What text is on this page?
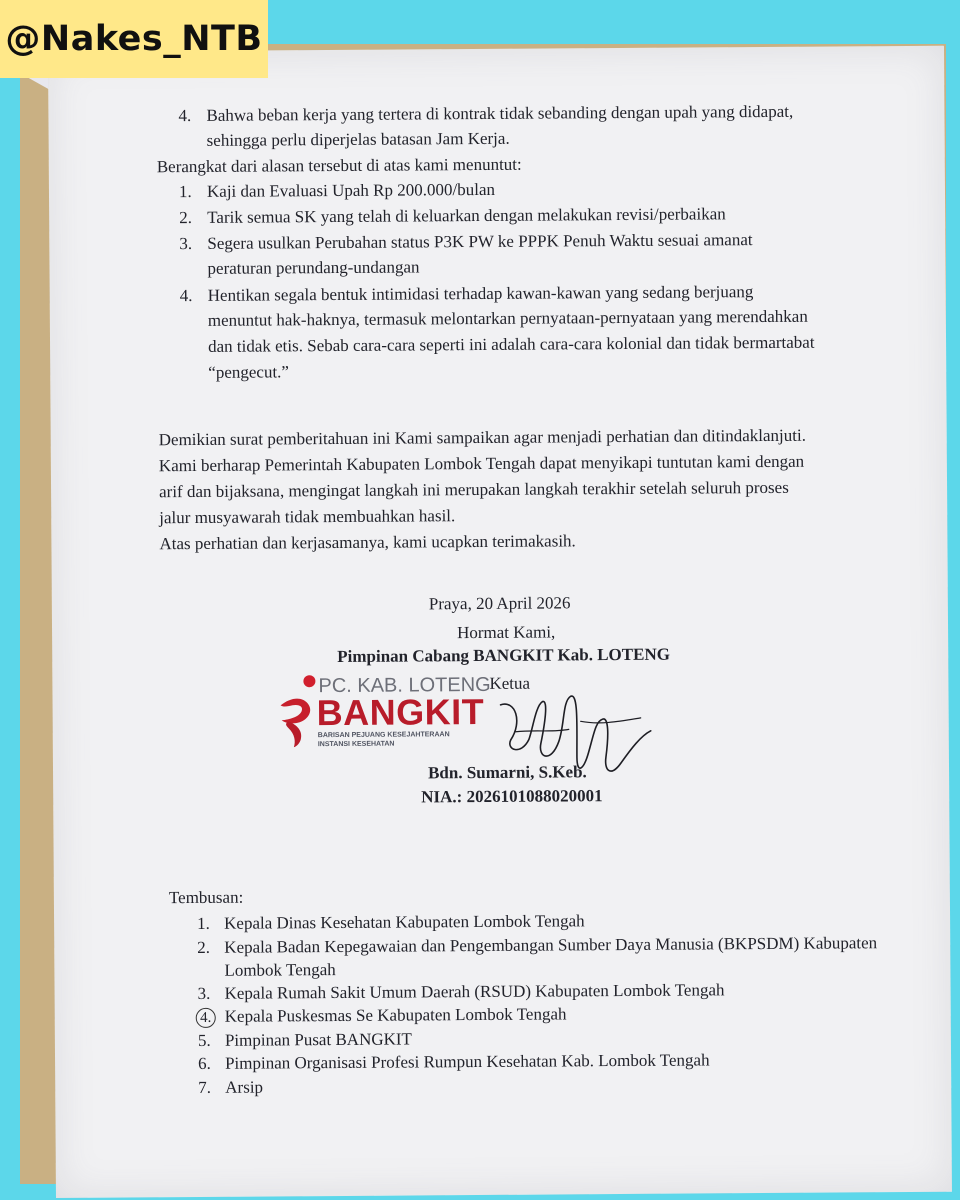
@Nakes_NTB
4. Bahwa beban kerja yang tertera di kontrak tidak sebanding dengan upah yang didapat,
sehingga perlu diperjelas batasan Jam Kerja.
Berangkat dari alasan tersebut di atas kami menuntut:
1. Kaji dan Evaluasi Upah Rp 200.000/bulan
2. Tarik semua SK yang telah di keluarkan dengan melakukan revisi/perbaikan
3. Segera usulkan Perubahan status P3K PW ke PPPK Penuh Waktu sesuai amanat
peraturan perundang-undangan
4. Hentikan segala bentuk intimidasi terhadap kawan-kawan yang sedang berjuang
menuntut hak-haknya, termasuk melontarkan pernyataan-pernyataan yang merendahkan
dan tidak etis. Sebab cara-cara seperti ini adalah cara-cara kolonial dan tidak bermartabat
“pengecut.”
Demikian surat pemberitahuan ini Kami sampaikan agar menjadi perhatian dan ditindaklanjuti.
Kami berharap Pemerintah Kabupaten Lombok Tengah dapat menyikapi tuntutan kami dengan
arif dan bijaksana, mengingat langkah ini merupakan langkah terakhir setelah seluruh proses
jalur musyawarah tidak membuahkan hasil.
Atas perhatian dan kerjasamanya, kami ucapkan terimakasih.
Praya, 20 April 2026
Hormat Kami,
Pimpinan Cabang BANGKIT Kab. LOTENG
Ketua
PC. KAB. LOTENG
BANGKIT
BARISAN PEJUANG KESEJAHTERAAN
INSTANSI KESEHATAN
Bdn. Sumarni, S.Keb.
NIA.: 2026101088020001
Tembusan:
1. Kepala Dinas Kesehatan Kabupaten Lombok Tengah
2. Kepala Badan Kepegawaian dan Pengembangan Sumber Daya Manusia (BKPSDM) Kabupaten
Lombok Tengah
3. Kepala Rumah Sakit Umum Daerah (RSUD) Kabupaten Lombok Tengah
4. Kepala Puskesmas Se Kabupaten Lombok Tengah
5. Pimpinan Pusat BANGKIT
6. Pimpinan Organisasi Profesi Rumpun Kesehatan Kab. Lombok Tengah
7. Arsip
